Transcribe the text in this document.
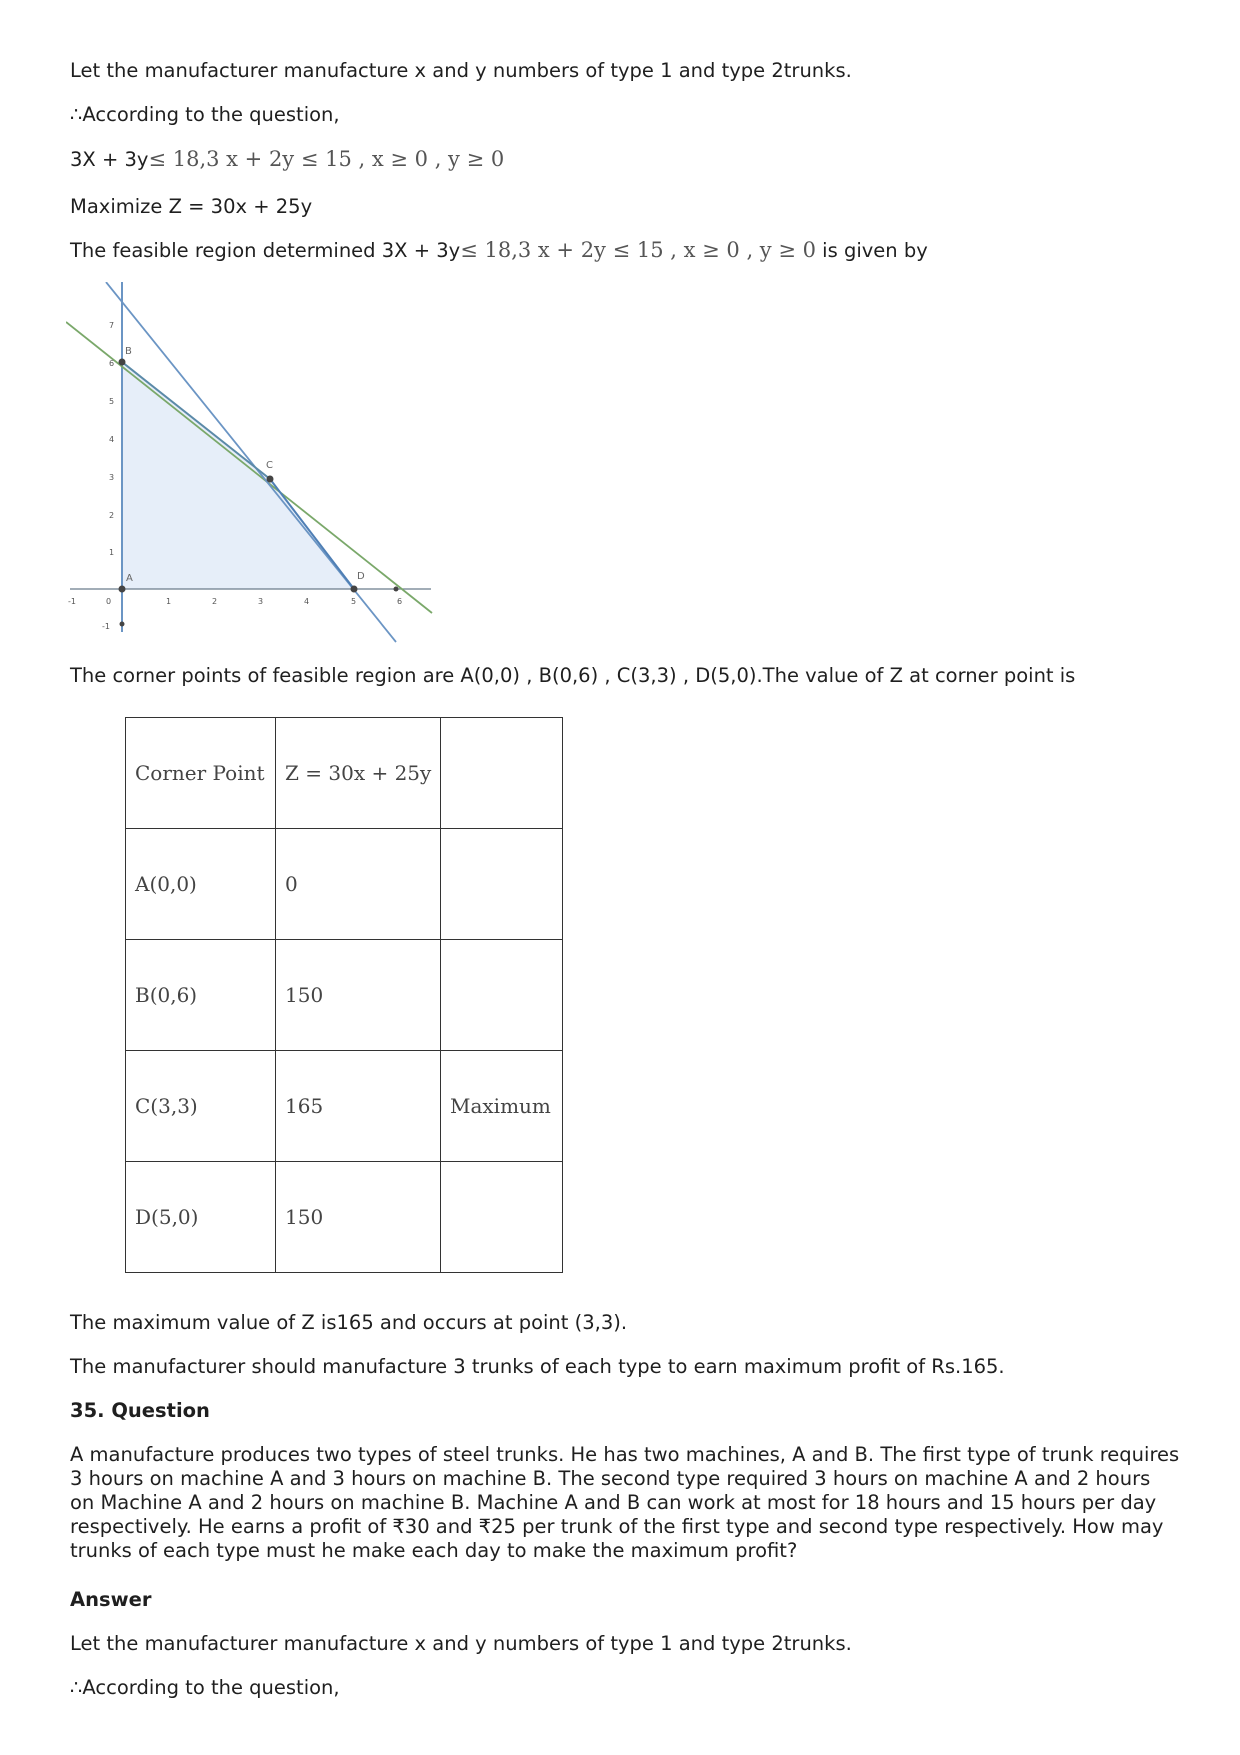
Let the manufacturer manufacture x and y numbers of type 1 and type 2trunks.
∴According to the question,
3X + 3y≤ 18,3 x + 2y ≤ 15 , x ≥ 0 , y ≥ 0
Maximize Z = 30x + 25y
The feasible region determined 3X + 3y≤ 18,3 x + 2y ≤ 15 , x ≥ 0 , y ≥ 0 is given by
-1	0	1	2	3	4	5	6
-1
1
2
3
4
5
6
7
A
B
C
D
The corner points of feasible region are A(0,0) , B(0,6) , C(3,3) , D(5,0).The value of Z at corner point is
Corner Point	Z = 30x + 25y	
A(0,0)	0	
B(0,6)	150	
C(3,3)	165	Maximum
D(5,0)	150	
The maximum value of Z is165 and occurs at point (3,3).
The manufacturer should manufacture 3 trunks of each type to earn maximum profit of Rs.165.
35. Question
A manufacture produces two types of steel trunks. He has two machines, A and B. The first type of trunk requires 3 hours on machine A and 3 hours on machine B. The second type required 3 hours on machine A and 2 hours on Machine A and 2 hours on machine B. Machine A and B can work at most for 18 hours and 15 hours per day respectively. He earns a profit of ₹30 and ₹25 per trunk of the first type and second type respectively. How may trunks of each type must he make each day to make the maximum profit?
Answer
Let the manufacturer manufacture x and y numbers of type 1 and type 2trunks.
∴According to the question,
